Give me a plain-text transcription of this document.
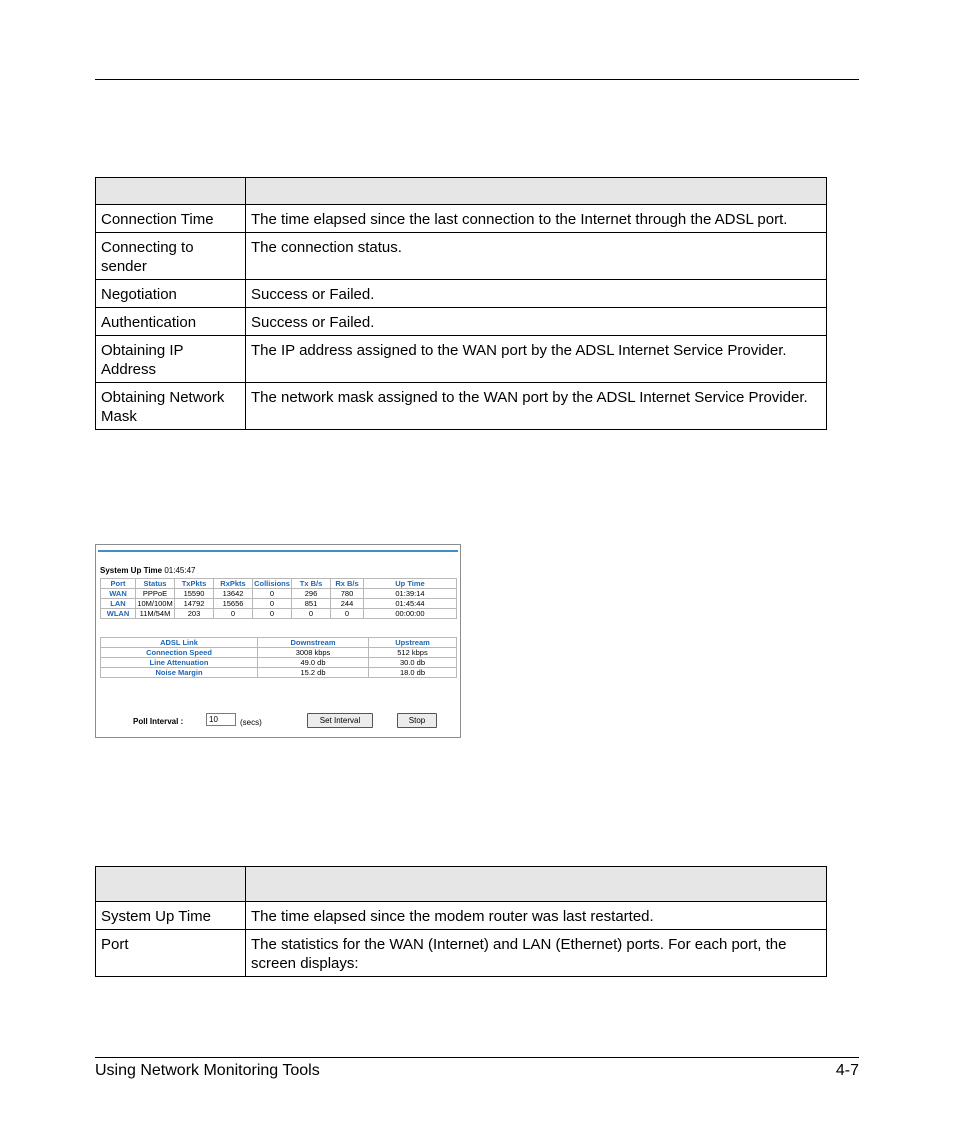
Connection Time	The time elapsed since the last connection to the Internet through the ADSL port.
Connecting to sender	The connection status.
Negotiation	Success or Failed.
Authentication	Success or Failed.
Obtaining IP Address	The IP address assigned to the WAN port by the ADSL Internet Service Provider.
Obtaining Network Mask	The network mask assigned to the WAN port by the ADSL Internet Service Provider.
System Up Time 01:45:47
Port	Status	TxPkts	RxPkts	Collisions	Tx B/s	Rx B/s	Up Time
WAN	PPPoE	15590	13642	0	296	780	01:39:14
LAN	10M/100M	14792	15656	0	851	244	01:45:44
WLAN	11M/54M	203	0	0	0	0	00:00:00
ADSL Link	Downstream	Upstream
Connection Speed	3008 kbps	512 kbps
Line Attenuation	49.0 db	30.0 db
Noise Margin	15.2 db	18.0 db
Poll Interval :
10	(secs)	Set Interval	Stop

System Up Time	The time elapsed since the modem router was last restarted.
Port	The statistics for the WAN (Internet) and LAN (Ethernet) ports. For each port, the screen displays:
Using Network Monitoring Tools	4-7
